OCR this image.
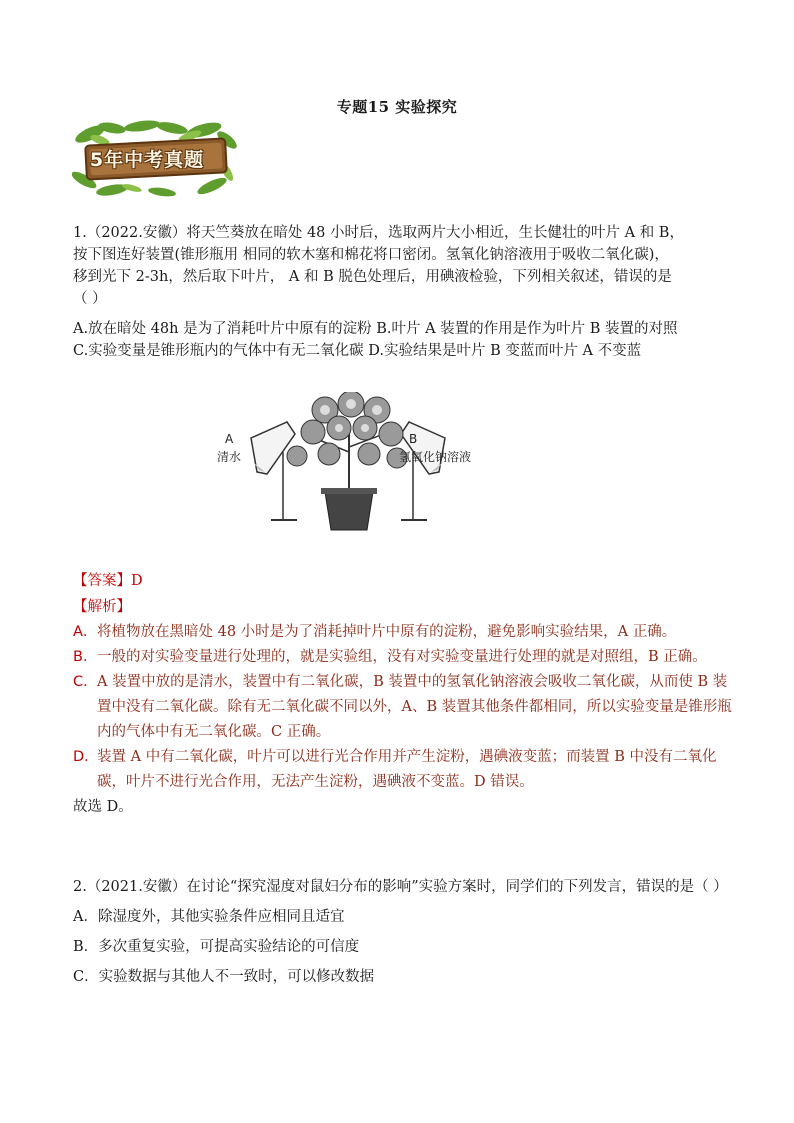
专题15 实验探究
5年中考真题
1.（2022.安徽）将天竺葵放在暗处 48 小时后，选取两片大小相近，生长健壮的叶片 A 和 B，
按下图连好装置(锥形瓶用 相同的软木塞和棉花将口密闭。氢氧化钠溶液用于吸收二氧化碳)，
移到光下 2-3h，然后取下叶片， A 和 B 脱色处理后，用碘液检验，下列相关叙述，错误的是
（ ）
A.放在暗处 48h 是为了消耗叶片中原有的淀粉 B.叶片 A 装置的作用是作为叶片 B 装置的对照
C.实验变量是锥形瓶内的气体中有无二氧化碳 D.实验结果是叶片 B 变蓝而叶片 A 不变蓝
A
清水
B
氢氧化钠溶液
【答案】D
【解析】
A． 将植物放在黑暗处 48 小时是为了消耗掉叶片中原有的淀粉，避免影响实验结果，A 正确。
B． 一般的对实验变量进行处理的，就是实验组，没有对实验变量进行处理的就是对照组，B 正确。
C． A 装置中放的是清水，装置中有二氧化碳，B 装置中的氢氧化钠溶液会吸收二氧化碳，从而使 B 装置中没有二氧化碳。除有无二氧化碳不同以外，A、B 装置其他条件都相同，所以实验变量是锥形瓶内的气体中有无二氧化碳。C 正确。
D．
装置 A 中有二氧化碳，叶片可以进行光合作用并产生淀粉，遇碘液变蓝；而装置 B 中没有二氧化碳，叶片不进行光合作用，无法产生淀粉，遇碘液不变蓝。D 错误。
故选 D。
2.（2021.安徽）在讨论“探究湿度对鼠妇分布的影响”实验方案时，同学们的下列发言，错误的是（ ）
A．除湿度外，其他实验条件应相同且适宜
B．多次重复实验，可提高实验结论的可信度
C．实验数据与其他人不一致时，可以修改数据
